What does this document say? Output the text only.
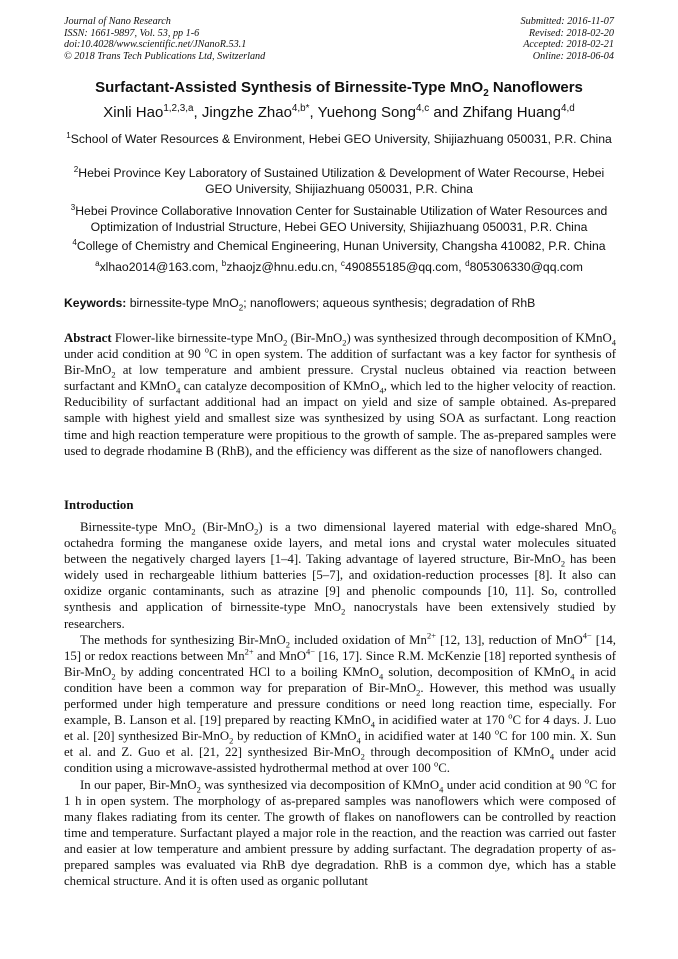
Journal of Nano Research
ISSN: 1661-9897, Vol. 53, pp 1-6
doi:10.4028/www.scientific.net/JNanoR.53.1
© 2018 Trans Tech Publications Ltd, Switzerland
Submitted: 2016-11-07
Revised: 2018-02-20
Accepted: 2018-02-21
Online: 2018-06-04
Surfactant-Assisted Synthesis of Birnessite-Type MnO$_2$ Nanoflowers
Xinli Hao$^{1,2,3,a}$, Jingzhe Zhao$^{4,b*}$, Yuehong Song$^{4,c}$ and Zhifang Huang$^{4,d}$
$^1$School of Water Resources & Environment, Hebei GEO University, Shijiazhuang 050031, P.R. China
$^2$Hebei Province Key Laboratory of Sustained Utilization & Development of Water Recourse, Hebei GEO University, Shijiazhuang 050031, P.R. China
$^3$Hebei Province Collaborative Innovation Center for Sustainable Utilization of Water Resources and Optimization of Industrial Structure, Hebei GEO University, Shijiazhuang 050031, P.R. China
$^4$College of Chemistry and Chemical Engineering, Hunan University, Changsha 410082, P.R. China
$^a$xlhao2014@163.com, $^b$zhaojz@hnu.edu.cn, $^c$490855185@qq.com, $^d$805306330@qq.com
Keywords: birnessite-type MnO$_2$; nanoflowers; aqueous synthesis; degradation of RhB
Abstract Flower-like birnessite-type MnO$_2$ (Bir-MnO$_2$) was synthesized through decomposition of KMnO$_4$ under acid condition at 90 $^o$C in open system. The addition of surfactant was a key factor for synthesis of Bir-MnO$_2$ at low temperature and ambient pressure. Crystal nucleus obtained via reaction between surfactant and KMnO$_4$ can catalyze decomposition of KMnO$_4$, which led to the higher velocity of reaction. Reducibility of surfactant additional had an impact on yield and size of sample obtained. As-prepared sample with highest yield and smallest size was synthesized by using SOA as surfactant. Long reaction time and high reaction temperature were propitious to the growth of sample. The as-prepared samples were used to degrade rhodamine B (RhB), and the efficiency was different as the size of nanoflowers changed.
Introduction

Birnessite-type MnO$_2$ (Bir-MnO$_2$) is a two dimensional layered material with edge-shared MnO$_6$ octahedra forming the manganese oxide layers, and metal ions and crystal water molecules situated between the negatively charged layers [1–4]. Taking advantage of layered structure, Bir-MnO$_2$ has been widely used in rechargeable lithium batteries [5–7], and oxidation-reduction processes [8]. It also can oxidize organic contaminants, such as atrazine [9] and phenolic compounds [10, 11]. So, controlled synthesis and application of birnessite-type MnO$_2$ nanocrystals have been extensively studied by researchers.

The methods for synthesizing Bir-MnO$_2$ included oxidation of $Mn^{2+}$ [12, 13], reduction of MnO$^{4-}$ [14, 15] or redox reactions between $Mn^{2+}$ and MnO$^{4-}$ [16, 17]. Since R.M. McKenzie [18] reported synthesis of Bir-MnO$_2$ by adding concentrated HCl to a boiling KMnO$_4$ solution, decomposition of KMnO$_4$ in acid condition have been a common way for preparation of Bir-MnO$_2$. However, this method was usually performed under high temperature and pressure conditions or need long reaction time, especially. For example, B. Lanson et al. [19] prepared by reacting KMnO$_4$ in acidified water at 170 $^o$C for 4 days. J. Luo et al. [20] synthesized Bir-MnO$_2$ by reduction of KMnO$_4$ in acidified water at 140 $^o$C for 100 min. X. Sun et al. and Z. Guo et al. [21, 22] synthesized Bir-MnO$_2$ through decomposition of KMnO$_4$ under acid condition using a microwave-assisted hydrothermal method at over 100 $^o$C.

In our paper, Bir-MnO$_2$ was synthesized via decomposition of KMnO$_4$ under acid condition at 90 $^o$C for 1 h in open system. The morphology of as-prepared samples was nanoflowers which were composed of many flakes radiating from its center. The growth of flakes on nanoflowers can be controlled by reaction time and temperature. Surfactant played a major role in the reaction, and the reaction was carried out faster and easier at low temperature and ambient pressure by adding surfactant. The degradation property of as-prepared samples was evaluated via RhB dye degradation. RhB is a common dye, which has a stable chemical structure. And it is often used as organic pollutant
